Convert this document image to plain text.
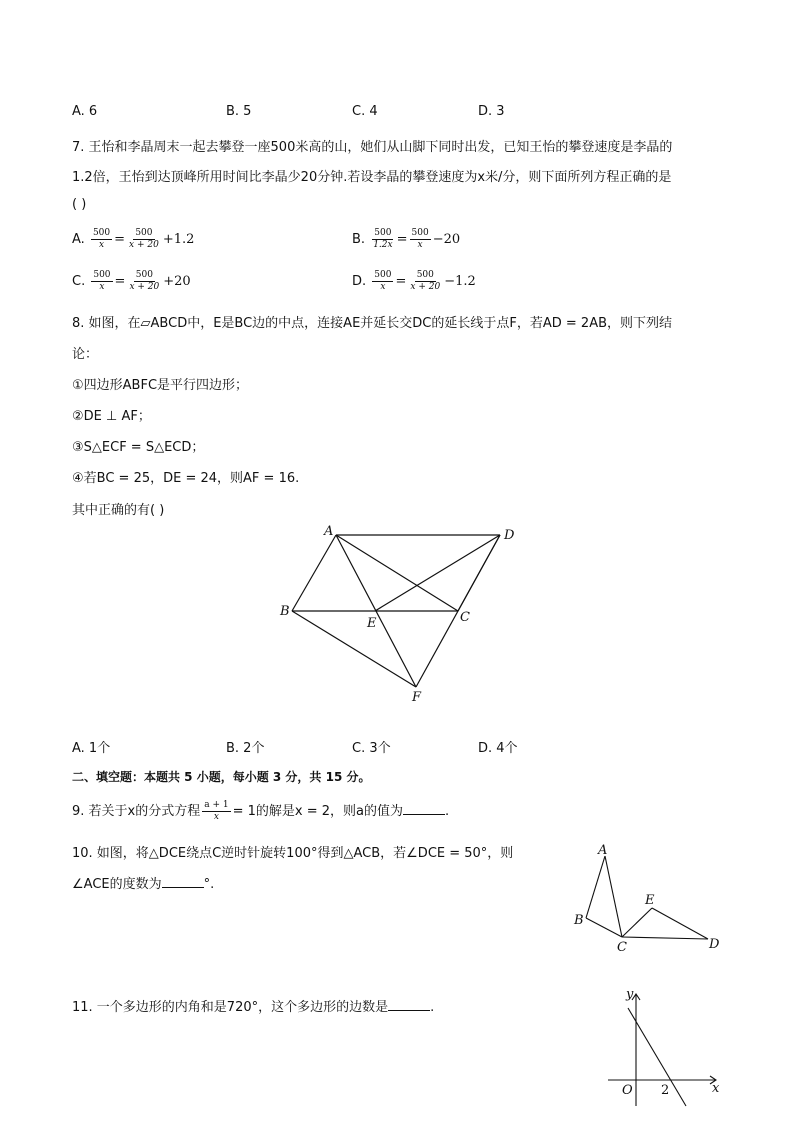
A. 6	B. 5	C. 4	D. 3
7. 王怡和李晶周末一起去攀登一座500米高的山，她们从山脚下同时出发，已知王怡的攀登速度是李晶的
1.2倍，王怡到达顶峰所用时间比李晶少20分钟.若设李晶的攀登速度为x米/分，则下面所列方程正确的是
( )
A. $\frac{500}{x} = \frac{500}{x + 20} +1.2$	B. $\frac{500}{1.2x} = \frac{500}{x} -20$
C. $\frac{500}{x} = \frac{500}{x + 20} +20$	D. $\frac{500}{x} = \frac{500}{x + 20} -1.2$
8. 如图，在▱ABCD中，E是BC边的中点，连接AE并延长交DC的延长线于点F，若AD = 2AB，则下列结
论：
①四边形ABFC是平行四边形；
②DE ⊥ AF；
③S△ECF = S△ECD；
④若BC = 25，DE = 24，则AF = 16.
其中正确的有( )
A	D
B
E	C
F
A. 1个	B. 2个	C. 3个	D. 4个
二、填空题：本题共 5 小题，每小题 3 分，共 15 分。
9. 若关于x的分式方程 $\frac{a + 1}{x} = 1$的解是x = 2，则a的值为	.
10. 如图，将△DCE绕点C逆时针旋转100°得到△ACB，若∠DCE = 50°，则
∠ACE的度数为	°.
A
B
C
E
D
11. 一个多边形的内角和是720°，这个多边形的边数是	.
y
x
O 2
